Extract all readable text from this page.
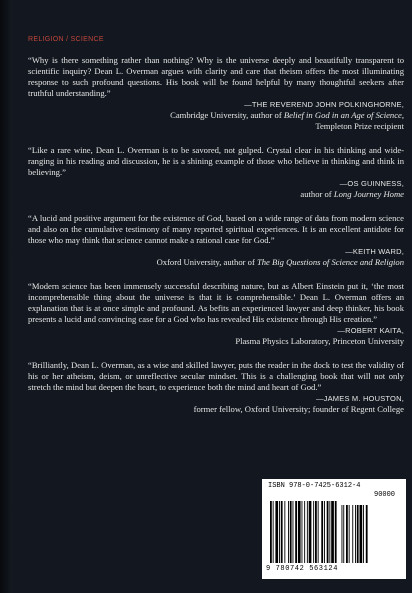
RELIGION / SCIENCE

“Why is there something rather than nothing? Why is the universe deeply and beautifully transparent to scientific inquiry? Dean L. Overman argues with clarity and care that theism offers the most illuminating response to such profound questions. His book will be found helpful by many thoughtful seekers after truthful understanding.”

—THE REVEREND JOHN POLKINGHORNE,
Cambridge University, author of Belief in God in an Age of Science,
Templeton Prize recipient

“Like a rare wine, Dean L. Overman is to be savored, not gulped. Crystal clear in his thinking and wide-ranging in his reading and discussion, he is a shining example of those who believe in thinking and think in believing.”

—OS GUINNESS,
author of Long Journey Home

“A lucid and positive argument for the existence of God, based on a wide range of data from modern science and also on the cumulative testimony of many reported spiritual experiences. It is an excellent antidote for those who may think that science cannot make a rational case for God.”

—KEITH WARD,
Oxford University, author of The Big Questions of Science and Religion

“Modern science has been immensely successful describing nature, but as Albert Einstein put it, ‘the most incomprehensible thing about the universe is that it is comprehensible.’ Dean L. Overman offers an explanation that is at once simple and profound. As befits an experienced lawyer and deep thinker, his book presents a lucid and convincing case for a God who has revealed His existence through His creation.”

—ROBERT KAITA,
Plasma Physics Laboratory, Princeton University

“Brilliantly, Dean L. Overman, as a wise and skilled lawyer, puts the reader in the dock to test the validity of his or her atheism, deism, or unreflective secular mindset. This is a challenging book that will not only stretch the mind but deepen the heart, to experience both the mind and heart of God.”

—JAMES M. HOUSTON,
former fellow, Oxford University; founder of Regent College
ISBN 978-0-7425-6312-4
90000
9 780742 563124
